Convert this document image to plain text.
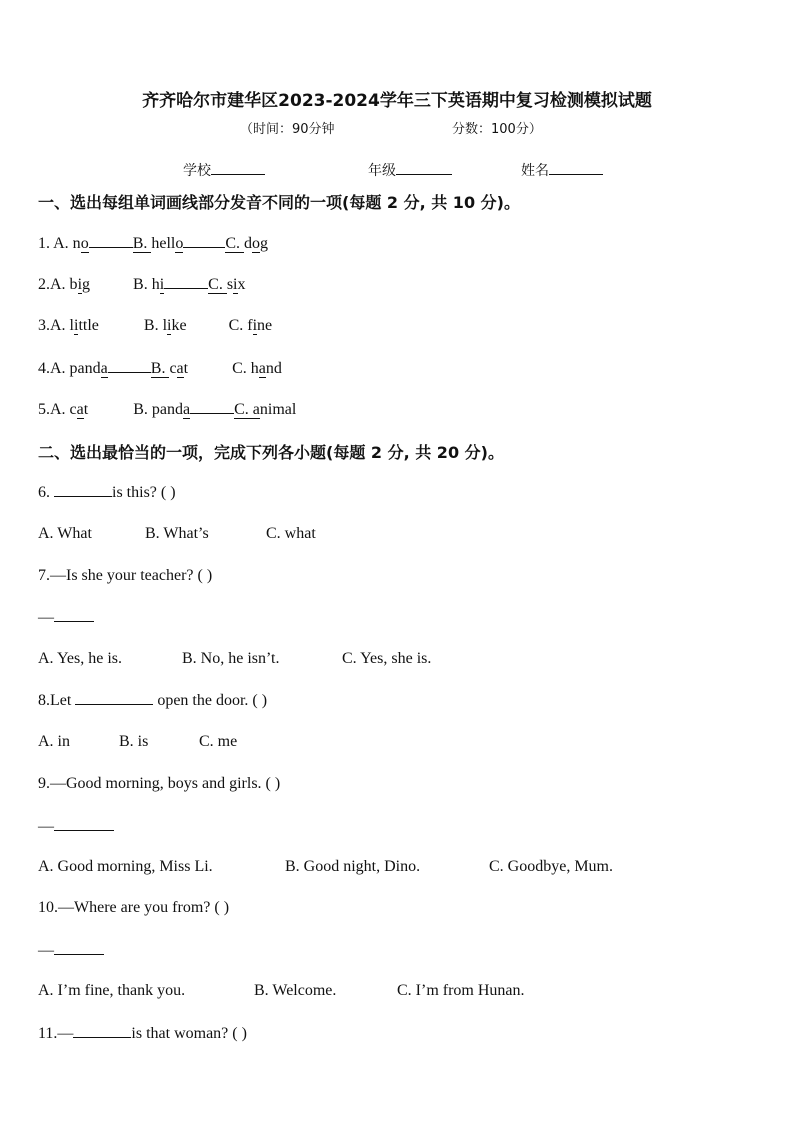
齐齐哈尔市建华区2023-2024学年三下英语期中复习检测模拟试题
（时间：90分钟	分数：100分）
学校	年级	姓名
一、选出每组单词画线部分发音不同的一项(每题 2 分, 共 10 分)。
1. A. no	B. hello	C. dog
2.A. big	B. hi	C. six
3.A. little	B. like	C. fine
4.A. panda	B. cat	C. hand
5.A. cat	B. panda	C. animal
二、选出最恰当的一项，完成下列各小题(每题 2 分, 共 20 分)。
6.	is this? ( )
A. What	B. What’s	C. what
7.—Is she your teacher? ( )
—
A. Yes, he is.	B. No, he isn’t.	C. Yes, she is.
8.Let	open the door. ( )
A. in	B. is	C. me
9.—Good morning, boys and girls. ( )
—
A. Good morning, Miss Li.	B. Good night, Dino.	C. Goodbye, Mum.
10.—Where are you from? ( )
—
A. I’m fine, thank you.	B. Welcome.	C. I’m from Hunan.
11.—	is that woman? ( )
